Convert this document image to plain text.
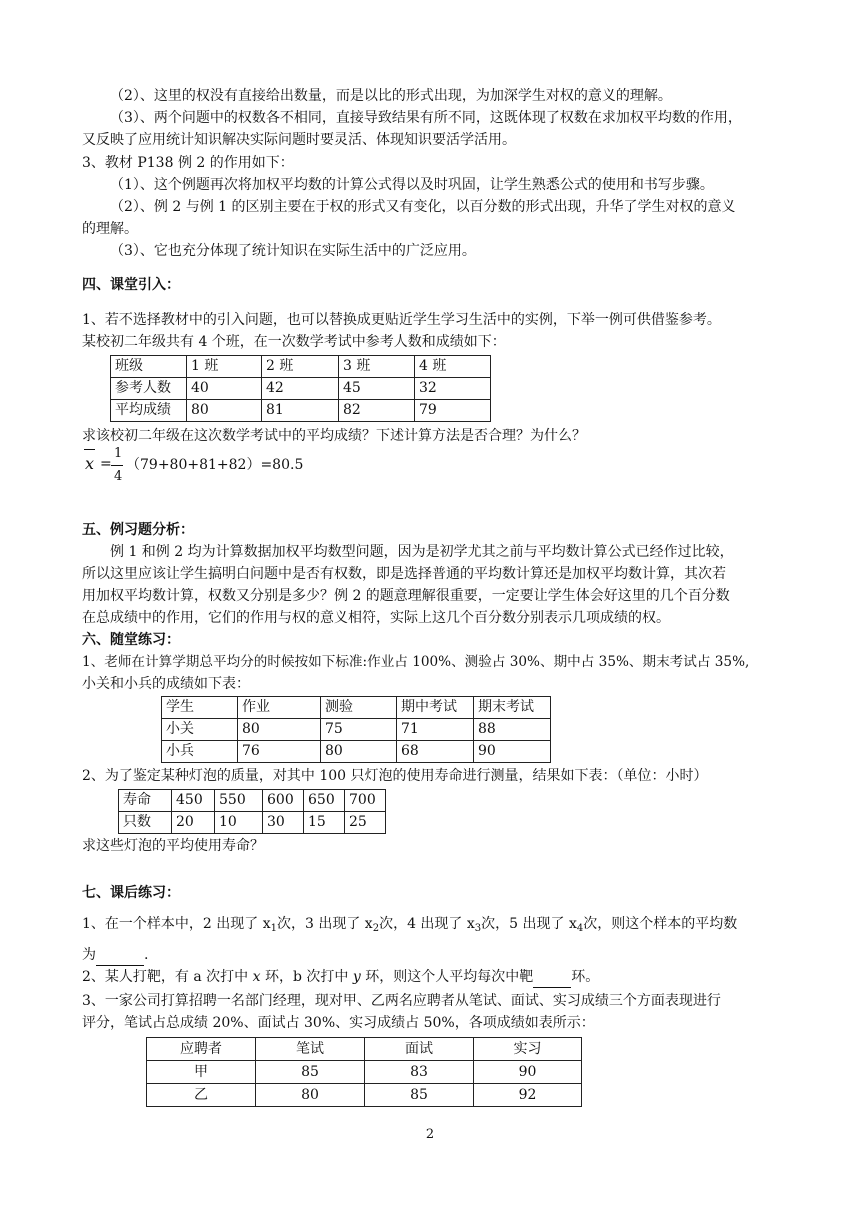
（2）、这里的权没有直接给出数量，而是以比的形式出现，为加深学生对权的意义的理解。
（3）、两个问题中的权数各不相同，直接导致结果有所不同，这既体现了权数在求加权平均数的作用，
又反映了应用统计知识解决实际问题时要灵活、体现知识要活学活用。
3、教材 P138 例 2 的作用如下：
（1）、这个例题再次将加权平均数的计算公式得以及时巩固，让学生熟悉公式的使用和书写步骤。
（2）、例 2 与例 1 的区别主要在于权的形式又有变化，以百分数的形式出现，升华了学生对权的意义
的理解。
（3）、它也充分体现了统计知识在实际生活中的广泛应用。
四、课堂引入：
1、若不选择教材中的引入问题，也可以替换成更贴近学生学习生活中的实例，下举一例可供借鉴参考。
某校初二年级共有 4 个班，在一次数学考试中参考人数和成绩如下：
班级	1 班	2 班	3 班	4 班
参考人数	40	42	45	32
平均成绩	80	81	82	79
求该校初二年级在这次数学考试中的平均成绩？下述计算方法是否合理？为什么？
x =
1
4
（79+80+81+82）=80.5
五、例习题分析：
例 1 和例 2 均为计算数据加权平均数型问题，因为是初学尤其之前与平均数计算公式已经作过比较，
所以这里应该让学生搞明白问题中是否有权数，即是选择普通的平均数计算还是加权平均数计算，其次若
用加权平均数计算，权数又分别是多少？例 2 的题意理解很重要，一定要让学生体会好这里的几个百分数
在总成绩中的作用，它们的作用与权的意义相符，实际上这几个百分数分别表示几项成绩的权。
六、随堂练习：
1、老师在计算学期总平均分的时候按如下标准:作业占 100%、测验占 30%、期中占 35%、期末考试占 35%,
小关和小兵的成绩如下表：
学生	作业	测验	期中考试	期末考试
小关	80	75	71	88
小兵	76	80	68	90
2、为了鉴定某种灯泡的质量，对其中 100 只灯泡的使用寿命进行测量，结果如下表：（单位：小时）
寿命	450	550	600	650	700
只数	20	10	30	15	25
求这些灯泡的平均使用寿命？
七、课后练习：
1、在一个样本中，2 出现了 $x_1$次，3 出现了 $x_2$次，4 出现了 $x_3$次，5 出现了 $x_4$次，则这个样本的平均数
为	.
2、某人打靶，有 a 次打中 x 环，b 次打中 y 环，则这个人平均每次中靶	环。
3、一家公司打算招聘一名部门经理，现对甲、乙两名应聘者从笔试、面试、实习成绩三个方面表现进行
评分，笔试占总成绩 20%、面试占 30%、实习成绩占 50%，各项成绩如表所示：
应聘者	笔试	面试	实习
甲	85	83	90
乙	80	85	92
2
